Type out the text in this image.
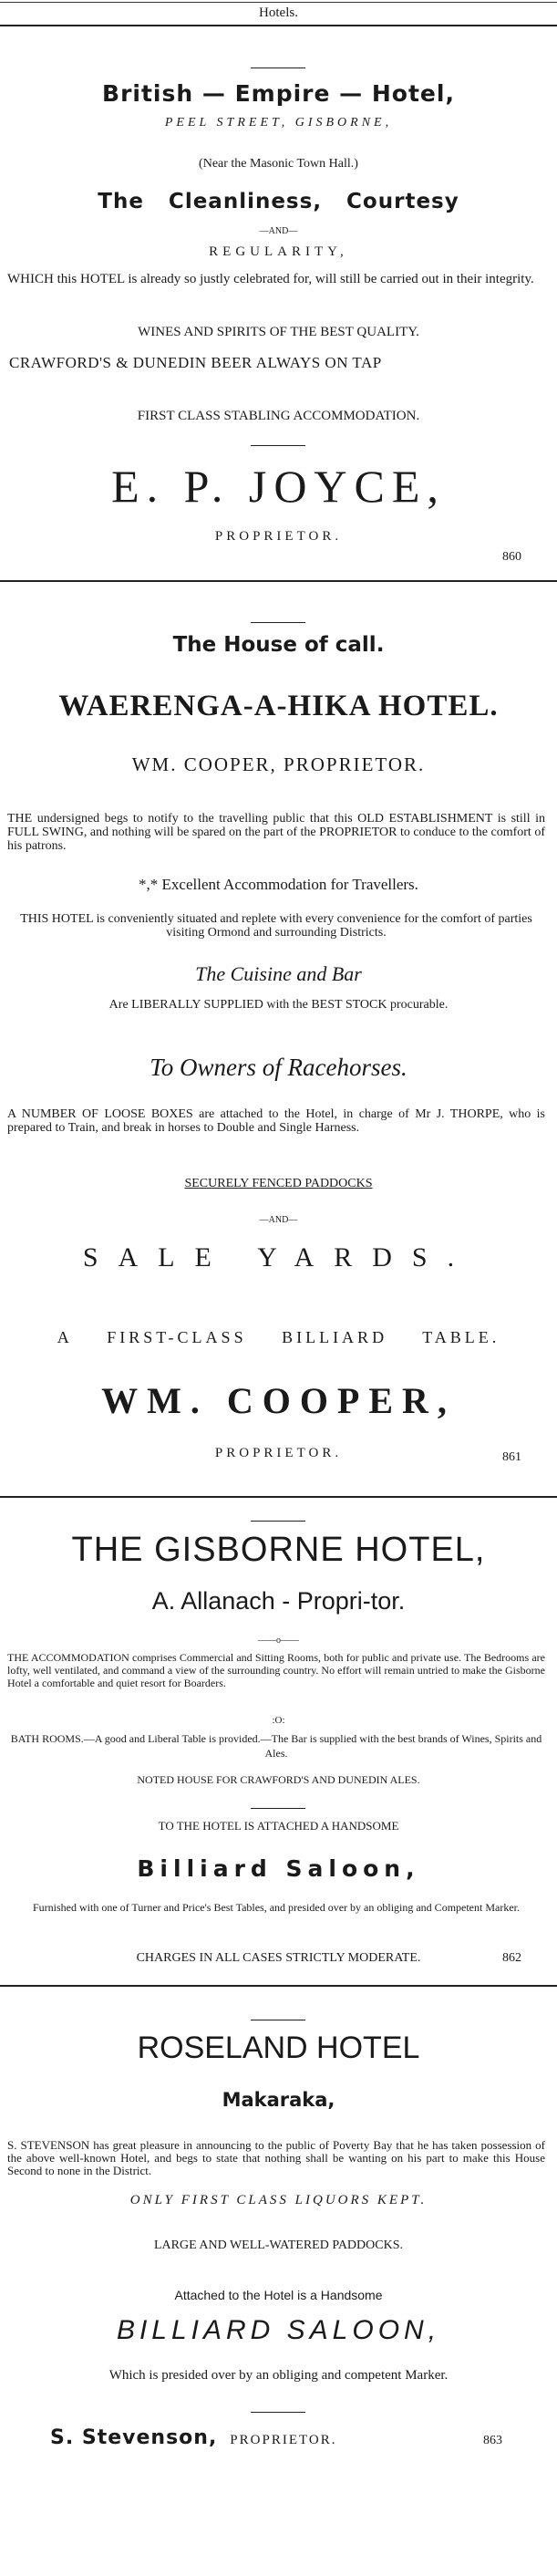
Hotels.
British — Empire — Hotel,
PEEL STREET, GISBORNE,
(Near the Masonic Town Hall.)
The Cleanliness, Courtesy
—AND—
REGULARITY,
WHICH this HOTEL is already so justly celebrated for, will still be carried out in their integrity.
WINES AND SPIRITS OF THE BEST QUALITY.
CRAWFORD'S & DUNEDIN BEER ALWAYS ON TAP
FIRST CLASS STABLING ACCOMMODATION.
E. P. JOYCE,
PROPRIETOR.
860
The House of call.
WAERENGA-A-HIKA HOTEL.
WM. COOPER, PROPRIETOR.
THE undersigned begs to notify to the travelling public that this OLD ESTABLISHMENT is still in FULL SWING, and nothing will be spared on the part of the PROPRIETOR to conduce to the comfort of his patrons.
*,* Excellent Accommodation for Travellers.
THIS HOTEL is conveniently situated and replete with every convenience for the comfort of parties visiting Ormond and surrounding Districts.
The Cuisine and Bar
Are LIBERALLY SUPPLIED with the BEST STOCK procurable.
To Owners of Racehorses.
A NUMBER OF LOOSE BOXES are attached to the Hotel, in charge of Mr J. THORPE, who is prepared to Train, and break in horses to Double and Single Harness.
SECURELY FENCED PADDOCKS
—AND—
SALE YARDS.
A FIRST-CLASS BILLIARD TABLE.
WM. COOPER,
PROPRIETOR.	861
THE GISBORNE HOTEL,
A. Allanach - Propri-tor.
——o——
THE ACCOMMODATION comprises Commercial and Sitting Rooms, both for public and private use. The Bedrooms are lofty, well ventilated, and command a view of the surrounding country. No effort will remain untried to make the Gisborne Hotel a comfortable and quiet resort for Boarders.
:O:
BATH ROOMS.—A good and Liberal Table is provided.—The Bar is supplied with the best brands of Wines, Spirits and Ales.
NOTED HOUSE FOR CRAWFORD'S AND DUNEDIN ALES.
TO THE HOTEL IS ATTACHED A HANDSOME
Billiard Saloon,
Furnished with one of Turner and Price's Best Tables, and presided over by an obliging and Competent Marker.
CHARGES IN ALL CASES STRICTLY MODERATE.	862
ROSELAND HOTEL
Makaraka,
S. STEVENSON has great pleasure in announcing to the public of Poverty Bay that he has taken possession of the above well-known Hotel, and begs to state that nothing shall be wanting on his part to make this House Second to none in the District.
ONLY FIRST CLASS LIQUORS KEPT.
LARGE AND WELL-WATERED PADDOCKS.
Attached to the Hotel is a Handsome
BILLIARD SALOON,
Which is presided over by an obliging and competent Marker.
S. Stevenson, PROPRIETOR.	863
